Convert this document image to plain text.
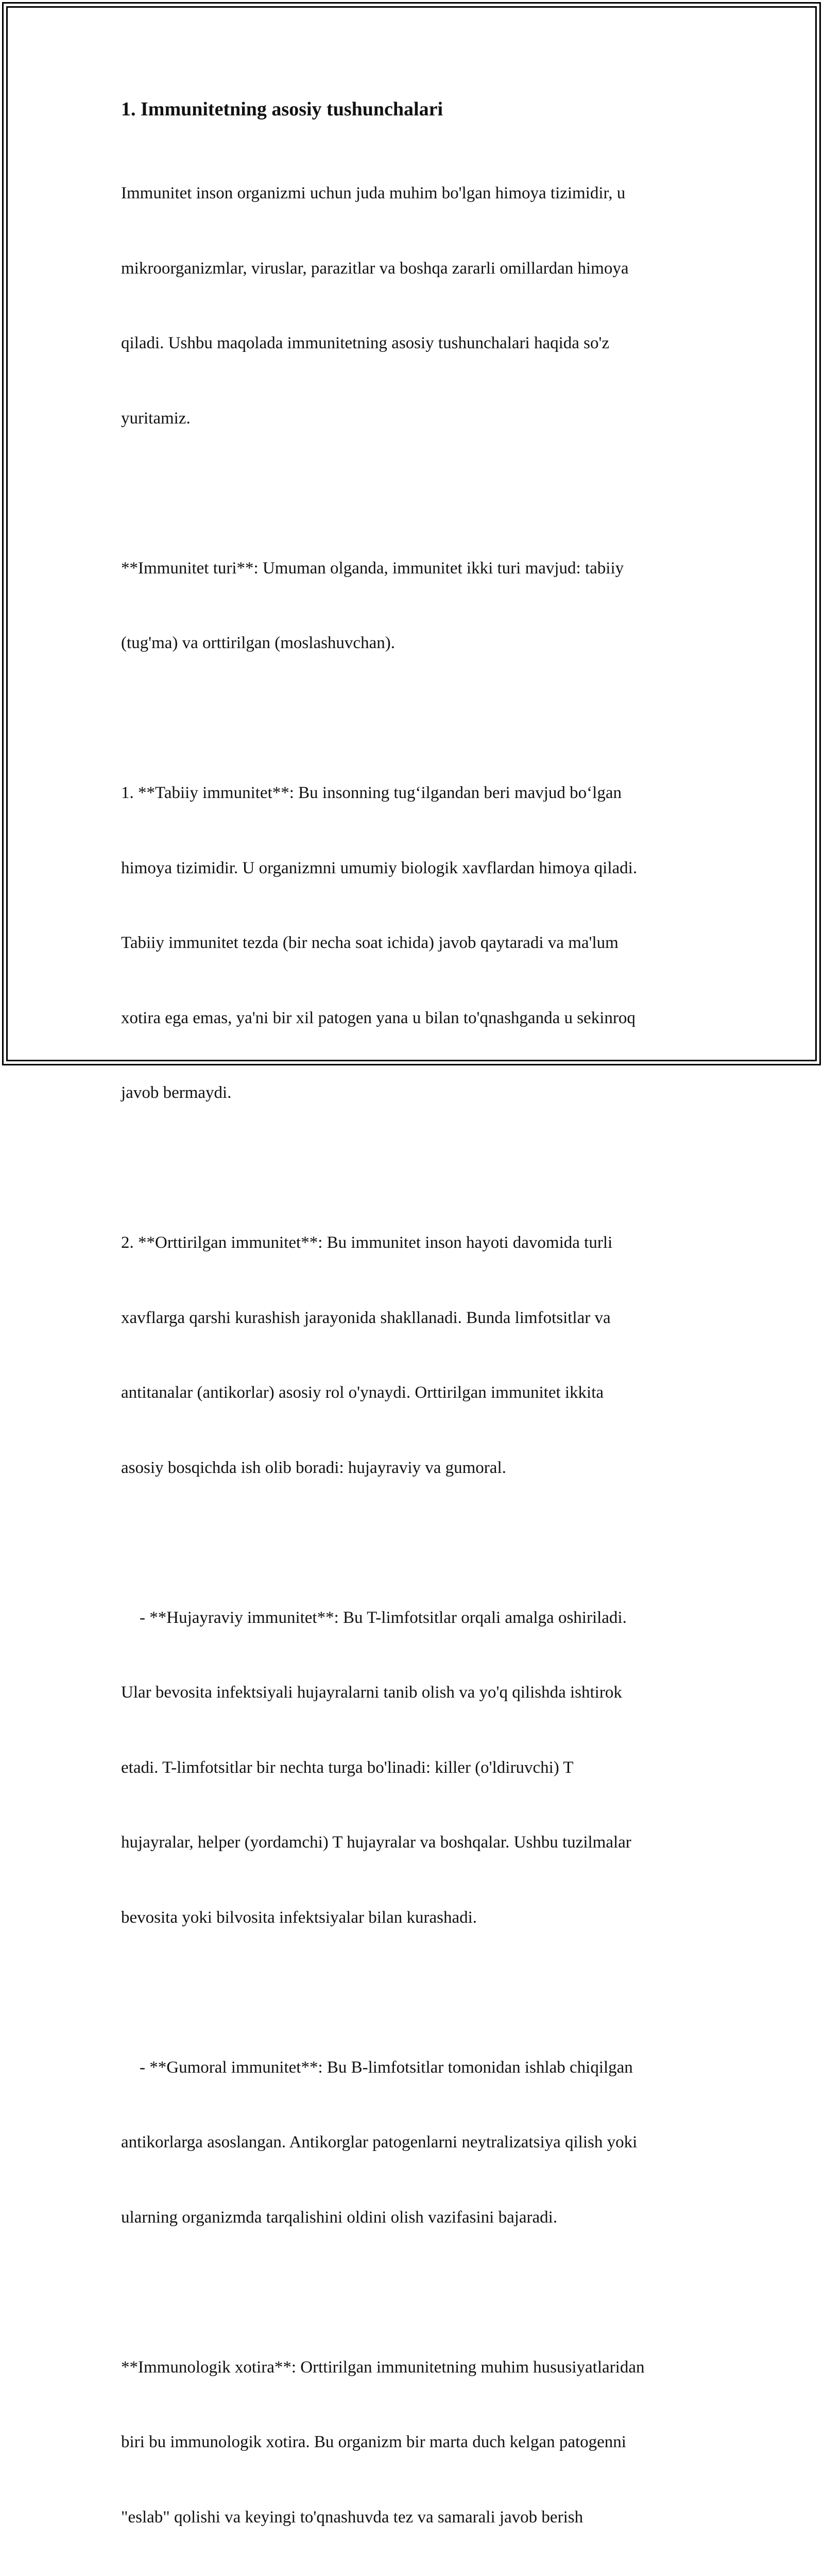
1. Immunitetning asosiy tushunchalari

Immunitet inson organizmi uchun juda muhim bo'lgan himoya tizimidir, u

mikroorganizmlar, viruslar, parazitlar va boshqa zararli omillardan himoya

qiladi. Ushbu maqolada immunitetning asosiy tushunchalari haqida so'z

yuritamiz.

**Immunitet turi**: Umuman olganda, immunitet ikki turi mavjud: tabiiy

(tug'ma) va orttirilgan (moslashuvchan).

1. **Tabiiy immunitet**: Bu insonning tug‘ilgandan beri mavjud bo‘lgan

himoya tizimidir. U organizmni umumiy biologik xavflardan himoya qiladi.

Tabiiy immunitet tezda (bir necha soat ichida) javob qaytaradi va ma'lum

xotira ega emas, ya'ni bir xil patogen yana u bilan to'qnashganda u sekinroq

javob bermaydi.

2. **Orttirilgan immunitet**: Bu immunitet inson hayoti davomida turli

xavflarga qarshi kurashish jarayonida shakllanadi. Bunda limfotsitlar va

antitanalar (antikorlar) asosiy rol o'ynaydi. Orttirilgan immunitet ikkita

asosiy bosqichda ish olib boradi: hujayraviy va gumoral.

- **Hujayraviy immunitet**: Bu T-limfotsitlar orqali amalga oshiriladi.

Ular bevosita infektsiyali hujayralarni tanib olish va yo'q qilishda ishtirok

etadi. T-limfotsitlar bir nechta turga bo'linadi: killer (o'ldiruvchi) T

hujayralar, helper (yordamchi) T hujayralar va boshqalar. Ushbu tuzilmalar

bevosita yoki bilvosita infektsiyalar bilan kurashadi.

- **Gumoral immunitet**: Bu B-limfotsitlar tomonidan ishlab chiqilgan

antikorlarga asoslangan. Antikorglar patogenlarni neytralizatsiya qilish yoki

ularning organizmda tarqalishini oldini olish vazifasini bajaradi.

**Immunologik xotira**: Orttirilgan immunitetning muhim hususiyatlaridan

biri bu immunologik xotira. Bu organizm bir marta duch kelgan patogenni

"eslab" qolishi va keyingi to'qnashuvda tez va samarali javob berish
